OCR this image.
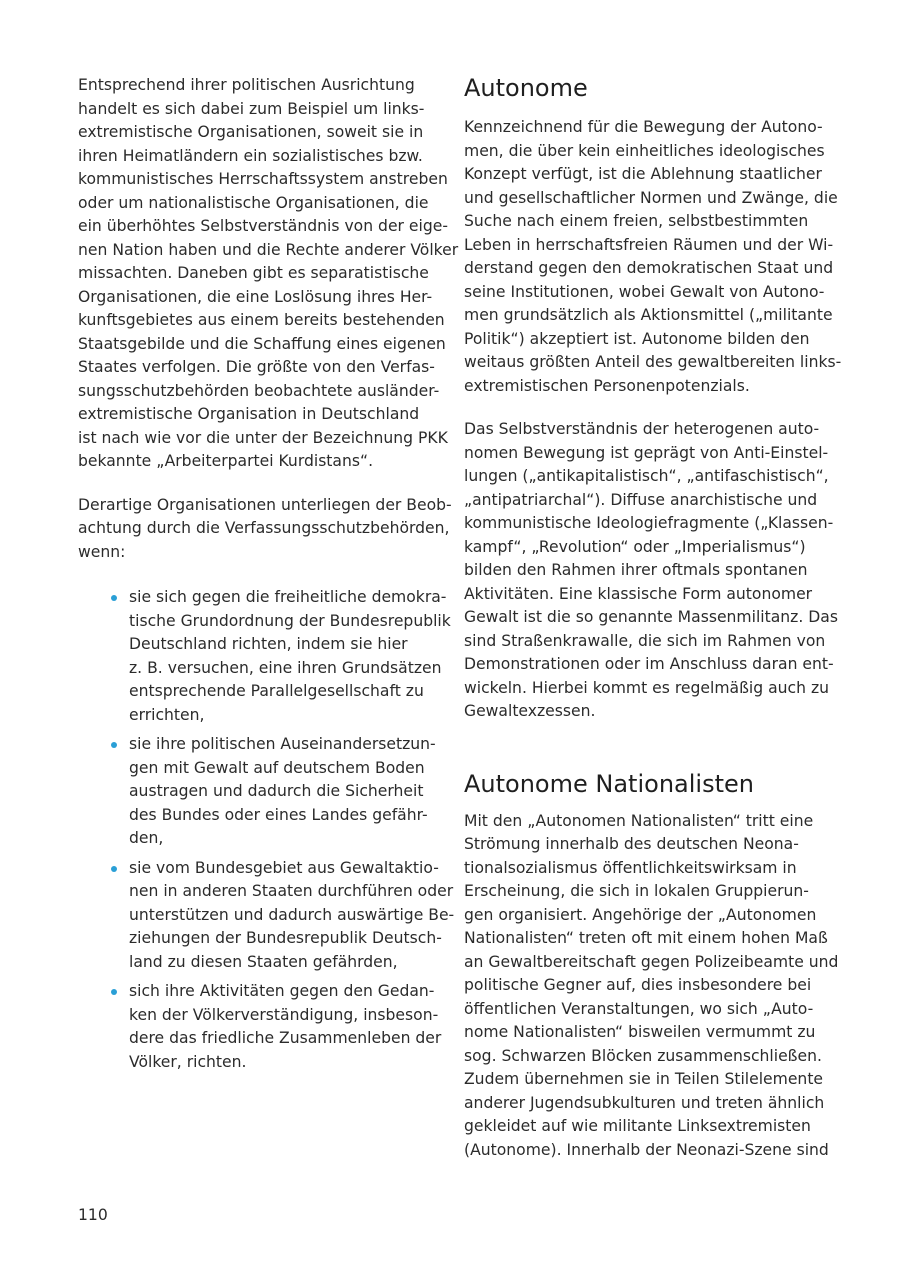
Entsprechend ihrer politischen Ausrichtung
handelt es sich dabei zum Beispiel um links-
extremistische Organisationen, soweit sie in
ihren Heimatländern ein sozialistisches bzw.
kommunistisches Herrschaftssystem anstreben
oder um nationalistische Organisationen, die
ein überhöhtes Selbstverständnis von der eige-
nen Nation haben und die Rechte anderer Völker
missachten. Daneben gibt es separatistische
Organisationen, die eine Loslösung ihres Her-
kunftsgebietes aus einem bereits bestehenden
Staatsgebilde und die Schaffung eines eigenen
Staates verfolgen. Die größte von den Verfas-
sungsschutzbehörden beobachtete ausländer-
extremistische Organisation in Deutschland
ist nach wie vor die unter der Bezeichnung PKK
bekannte „Arbeiterpartei Kurdistans“.

Derartige Organisationen unterliegen der Beob-
achtung durch die Verfassungsschutzbehörden,
wenn:

sie sich gegen die freiheitliche demokra-
tische Grundordnung der Bundesrepublik
Deutschland richten, indem sie hier
z. B. versuchen, eine ihren Grundsätzen
entsprechende Parallelgesellschaft zu
errichten,
sie ihre politischen Auseinandersetzun-
gen mit Gewalt auf deutschem Boden
austragen und dadurch die Sicherheit
des Bundes oder eines Landes gefähr-
den,
sie vom Bundesgebiet aus Gewaltaktio-
nen in anderen Staaten durchführen oder
unterstützen und dadurch auswärtige Be-
ziehungen der Bundesrepublik Deutsch-
land zu diesen Staaten gefährden,
sich ihre Aktivitäten gegen den Gedan-
ken der Völkerverständigung, insbeson-
dere das friedliche Zusammenleben der
Völker, richten.
Autonome

Kennzeichnend für die Bewegung der Autono-
men, die über kein einheitliches ideologisches
Konzept verfügt, ist die Ablehnung staatlicher
und gesellschaftlicher Normen und Zwänge, die
Suche nach einem freien, selbstbestimmten
Leben in herrschaftsfreien Räumen und der Wi-
derstand gegen den demokratischen Staat und
seine Institutionen, wobei Gewalt von Autono-
men grundsätzlich als Aktionsmittel („militante
Politik“) akzeptiert ist. Autonome bilden den
weitaus größten Anteil des gewaltbereiten links-
extremistischen Personenpotenzials.

Das Selbstverständnis der heterogenen auto-
nomen Bewegung ist geprägt von Anti-Einstel-
lungen („antikapitalistisch“, „antifaschistisch“,
„antipatriarchal“). Diffuse anarchistische und
kommunistische Ideologiefragmente („Klassen-
kampf“, „Revolution“ oder „Imperialismus“)
bilden den Rahmen ihrer oftmals spontanen
Aktivitäten. Eine klassische Form autonomer
Gewalt ist die so genannte Massenmilitanz. Das
sind Straßenkrawalle, die sich im Rahmen von
Demonstrationen oder im Anschluss daran ent-
wickeln. Hierbei kommt es regelmäßig auch zu
Gewaltexzessen.

Autonome Nationalisten

Mit den „Autonomen Nationalisten“ tritt eine
Strömung innerhalb des deutschen Neona-
tionalsozialismus öffentlichkeitswirksam in
Erscheinung, die sich in lokalen Gruppierun-
gen organisiert. Angehörige der „Autonomen
Nationalisten“ treten oft mit einem hohen Maß
an Gewaltbereitschaft gegen Polizeibeamte und
politische Gegner auf, dies insbesondere bei
öffentlichen Veranstaltungen, wo sich „Auto-
nome Nationalisten“ bisweilen vermummt zu
sog. Schwarzen Blöcken zusammenschließen.
Zudem übernehmen sie in Teilen Stilelemente
anderer Jugendsubkulturen und treten ähnlich
gekleidet auf wie militante Linksextremisten
(Autonome). Innerhalb der Neonazi-Szene sind

110
